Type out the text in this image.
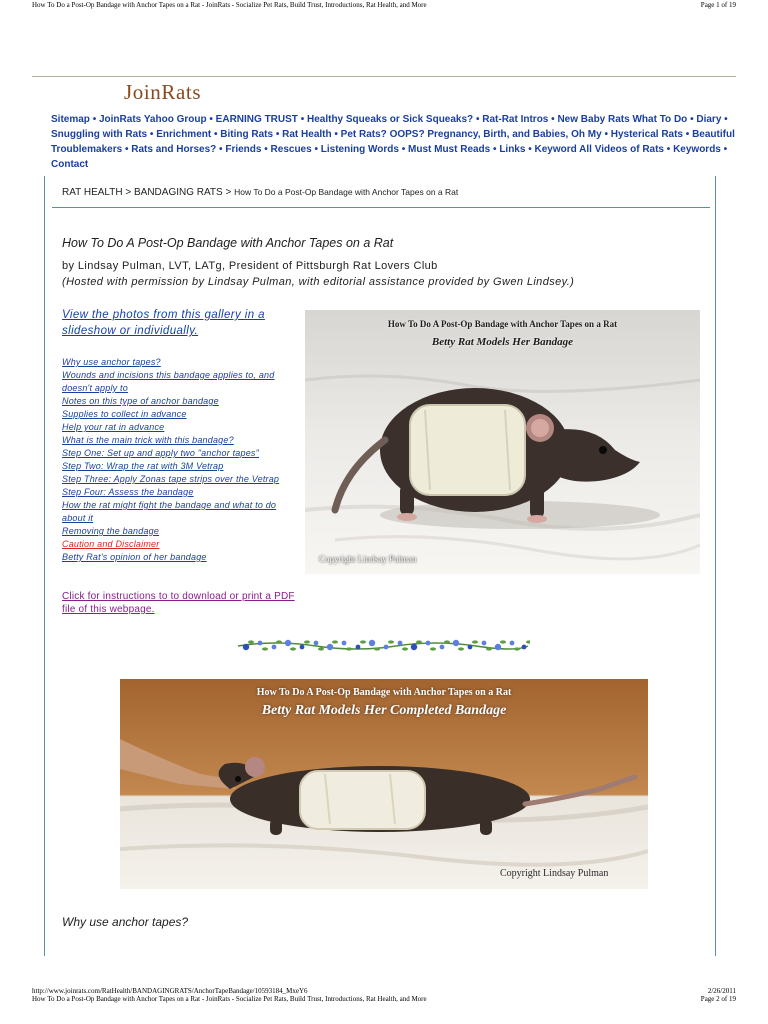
How To Do a Post-Op Bandage with Anchor Tapes on a Rat - JoinRats - Socialize Pet Rats, Build Trust, Introductions, Rat Health, and More	Page 1 of 19
JoinRats
Sitemap • JoinRats Yahoo Group • EARNING TRUST • Healthy Squeaks or Sick Squeaks? • Rat-Rat Intros • New Baby Rats What To Do • Diary • Snuggling with Rats • Enrichment • Biting Rats • Rat Health • Pet Rats? OOPS? Pregnancy, Birth, and Babies, Oh My • Hysterical Rats • Beautiful Troublemakers • Rats and Horses? • Friends • Rescues • Listening Words • Must Must Reads • Links • Keyword All Videos of Rats • Keywords • Contact
RAT HEALTH > BANDAGING RATS > How To Do a Post-Op Bandage with Anchor Tapes on a Rat
How To Do A Post-Op Bandage with Anchor Tapes on a Rat
by Lindsay Pulman, LVT, LATg, President of Pittsburgh Rat Lovers Club
(Hosted with permission by Lindsay Pulman, with editorial assistance provided by Gwen Lindsey.)
View the photos from this gallery in a slideshow or individually.
Why use anchor tapes?
Wounds and incisions this bandage applies to, and doesn't apply to
Notes on this type of anchor bandage
Supplies to collect in advance
Help your rat in advance
What is the main trick with this bandage?
Step One: Set up and apply two "anchor tapes"
Step Two: Wrap the rat with 3M Vetrap
Step Three: Apply Zonas tape strips over the Vetrap
Step Four: Assess the bandage
How the rat might fight the bandage and what to do about it
Removing the bandage
Caution and Disclaimer
Betty Rat's opinion of her bandage
Click for instructions to to download or print a PDF file of this webpage.
How To Do A Post-Op Bandage with Anchor Tapes on a Rat
Betty Rat Models Her Bandage
Copyright Lindsay Pulman
How To Do A Post-Op Bandage with Anchor Tapes on a Rat
Betty Rat Models Her Completed Bandage
Copyright Lindsay Pulman
Why use anchor tapes?
http://www.joinrats.com/RatHealth/BANDAGINGRATS/AnchorTapeBandage/10593184_MxeY6
How To Do a Post-Op Bandage with Anchor Tapes on a Rat - JoinRats - Socialize Pet Rats, Build Trust, Introductions, Rat Health, and More
2/26/2011
Page 2 of 19
